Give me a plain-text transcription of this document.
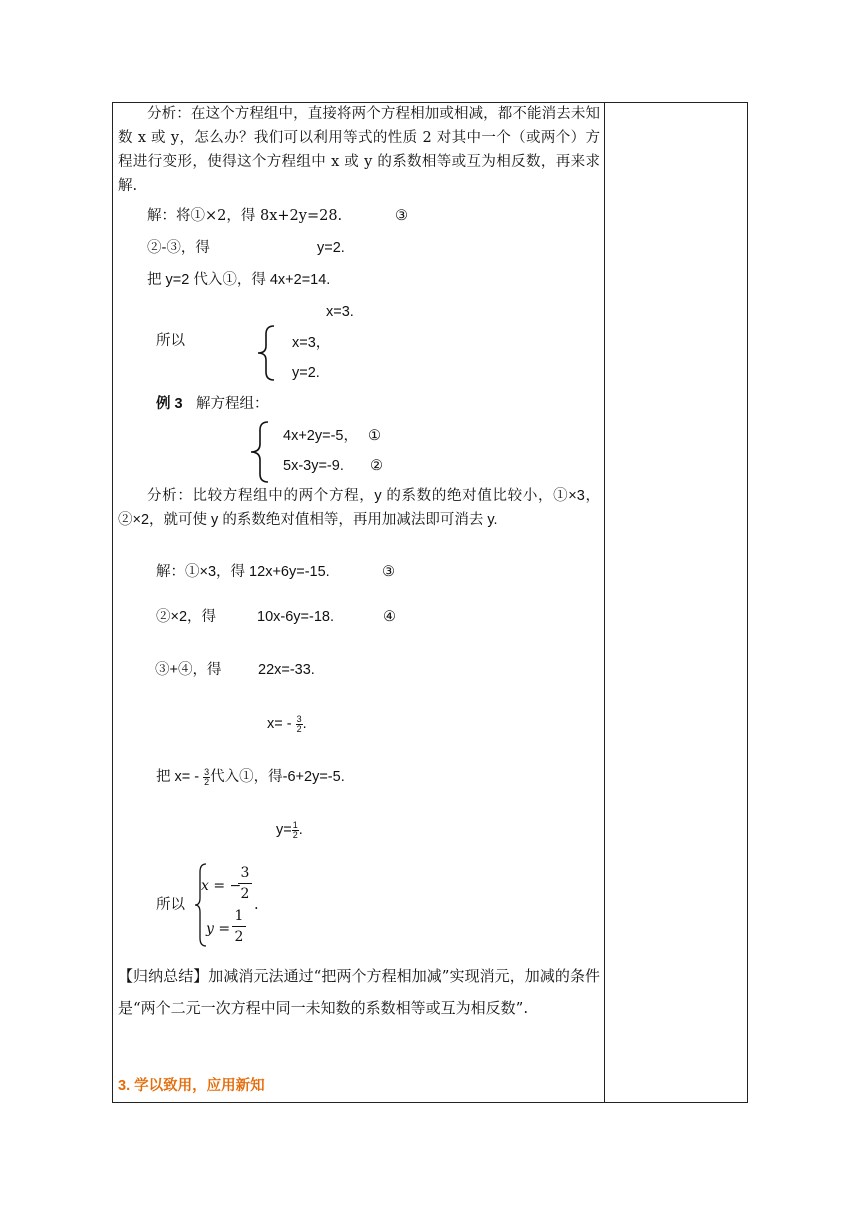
分析：在这个方程组中，直接将两个方程相加或相减，都不能消去未知数 x 或 y，怎么办？我们可以利用等式的性质 2 对其中一个（或两个）方程进行变形，使得这个方程组中 x 或 y 的系数相等或互为相反数，再来求解.
解：将①×2，得 8x+2y=28.	③
②-③，得	y=2.
把 y=2 代入①，得 4x+2=14.
x=3.
所以	x=3，
y=2.
例 3 解方程组：
4x+2y=-5， ①
5x-3y=-9. ②
分析：比较方程组中的两个方程，y 的系数的绝对值比较小，①×3，②×2，就可使 y 的系数绝对值相等，再用加减法即可消去 y.
解：①×3，得 12x+6y=-15.	③
②×2，得	10x-6y=-18.	④
③+④，得	22x=-33.
$x= - \frac{3}{2}$ .
把 $x= - \frac{3}{2}$ 代入①，得-6+2y=-5.
$y= \frac{1}{2}$ .
所以
x = −
3
2
y =
1
2
.
【归纳总结】加减消元法通过“把两个方程相加减”实现消元，加减的条件是“两个二元一次方程中同一未知数的系数相等或互为相反数”.
3. 学以致用，应用新知
